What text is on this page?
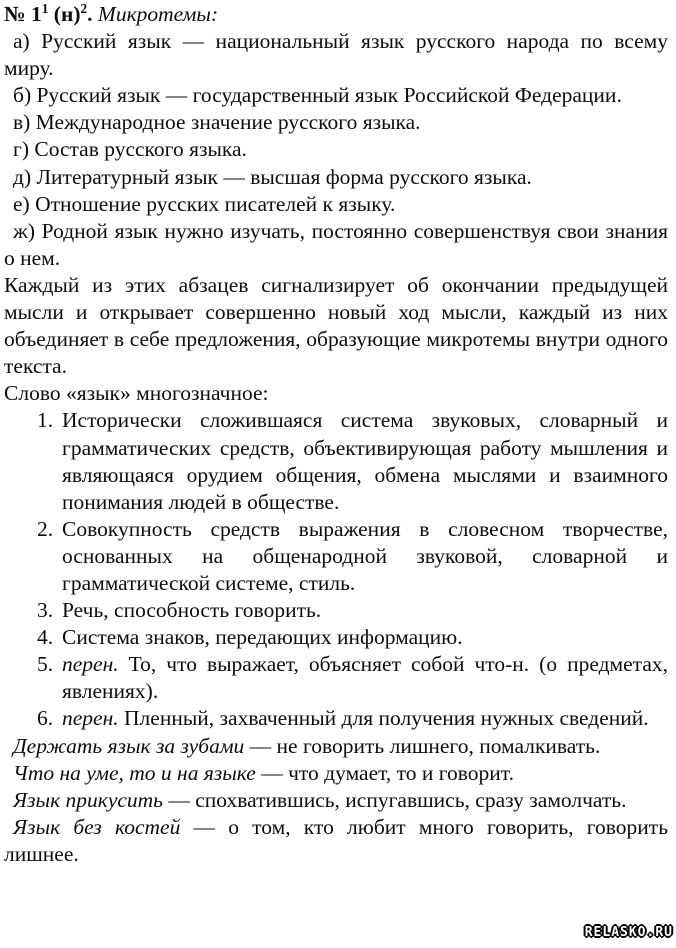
№ $1^1$ $(н)^2$. Микротемы:

а) Русский язык — национальный язык русского народа по всему миру.

б) Русский язык — государственный язык Российской Федерации.

в) Международное значение русского языка.

г) Состав русского языка.

д) Литературный язык — высшая форма русского языка.

е) Отношение русских писателей к языку.

ж) Родной язык нужно изучать, постоянно совершенствуя свои знания о нем.

Каждый из этих абзацев сигнализирует об окончании предыдущей мысли и открывает совершенно новый ход мысли, каждый из них объединяет в себе предложения, образующие микротемы внутри одного текста.

Слово «язык» многозначное:

1. Исторически сложившаяся система звуковых, словарный и грамматических средств, объективирующая работу мышления и являющаяся орудием общения, обмена мыслями и взаимного понимания людей в обществе.

2. Совокупность средств выражения в словесном творчестве, основанных на общенародной звуковой, словарной и грамматической системе, стиль.

3. Речь, способность говорить.

4. Система знаков, передающих информацию.

5. перен. То, что выражает, объясняет собой что-н. (о предметах, явлениях).

6. перен. Пленный, захваченный для получения нужных сведений.

Держать язык за зубами — не говорить лишнего, помалкивать.

Что на уме, то и на языке — что думает, то и говорит.

Язык прикусить — спохватившись, испугавшись, сразу замолчать.

Язык без костей — о том, кто любит много говорить, говорить лишнее.

RELASKO.RU
